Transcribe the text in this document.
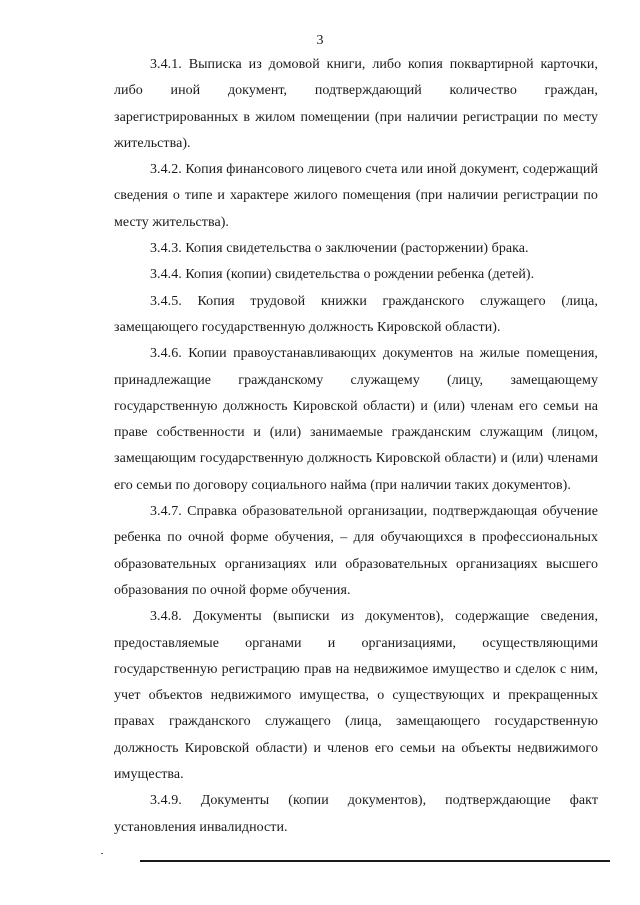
3

3.4.1. Выписка из домовой книги, либо копия поквартирной карточки, либо иной документ, подтверждающий количество граждан, зарегистрированных в жилом помещении (при наличии регистрации по месту жительства).

3.4.2. Копия финансового лицевого счета или иной документ, содержащий сведения о типе и характере жилого помещения (при наличии регистрации по месту жительства).

3.4.3. Копия свидетельства о заключении (расторжении) брака.

3.4.4. Копия (копии) свидетельства о рождении ребенка (детей).

3.4.5. Копия трудовой книжки гражданского служащего (лица, замещающего государственную должность Кировской области).

3.4.6. Копии правоустанавливающих документов на жилые помещения, принадлежащие гражданскому служащему (лицу, замещающему государственную должность Кировской области) и (или) членам его семьи на праве собственности и (или) занимаемые гражданским служащим (лицом, замещающим государственную должность Кировской области) и (или) членами его семьи по договору социального найма (при наличии таких документов).

3.4.7. Справка образовательной организации, подтверждающая обучение ребенка по очной форме обучения, – для обучающихся в профессиональных образовательных организациях или образовательных организациях высшего образования по очной форме обучения.

3.4.8. Документы (выписки из документов), содержащие сведения, предоставляемые органами и организациями, осуществляющими государственную регистрацию прав на недвижимое имущество и сделок с ним, учет объектов недвижимого имущества, о существующих и прекращенных правах гражданского служащего (лица, замещающего государственную должность Кировской области) и членов его семьи на объекты недвижимого имущества.

3.4.9. Документы (копии документов), подтверждающие факт установления инвалидности.
